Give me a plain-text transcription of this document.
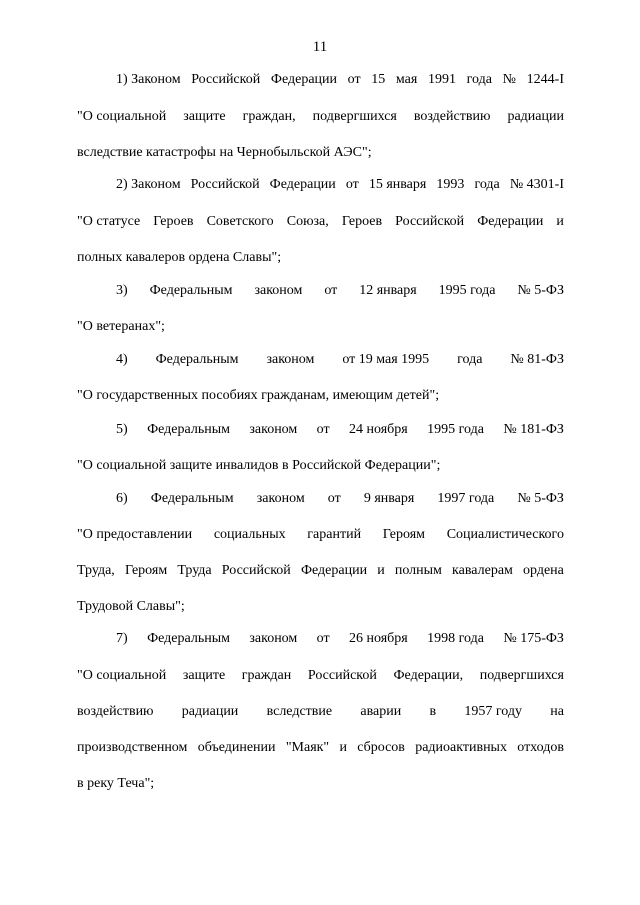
11
1) Законом Российской Федерации от 15 мая 1991 года № 1244-I
"О социальной защите граждан, подвергшихся воздействию радиации
вследствие катастрофы на Чернобыльской АЭС";
2) Законом Российской Федерации от 15 января 1993 года № 4301-I
"О статусе Героев Советского Союза, Героев Российской Федерации и
полных кавалеров ордена Славы";
3) Федеральным законом от 12 января 1995 года № 5-ФЗ
"О ветеранах";
4) Федеральным законом от 19 мая 1995 года № 81-ФЗ
"О государственных пособиях гражданам, имеющим детей";
5) Федеральным законом от 24 ноября 1995 года № 181-ФЗ
"О социальной защите инвалидов в Российской Федерации";
6) Федеральным законом от 9 января 1997 года № 5-ФЗ
"О предоставлении социальных гарантий Героям Социалистического
Труда, Героям Труда Российской Федерации и полным кавалерам ордена
Трудовой Славы";
7) Федеральным законом от 26 ноября 1998 года № 175-ФЗ
"О социальной защите граждан Российской Федерации, подвергшихся
воздействию радиации вследствие аварии в 1957 году на
производственном объединении "Маяк" и сбросов радиоактивных отходов
в реку Теча";
